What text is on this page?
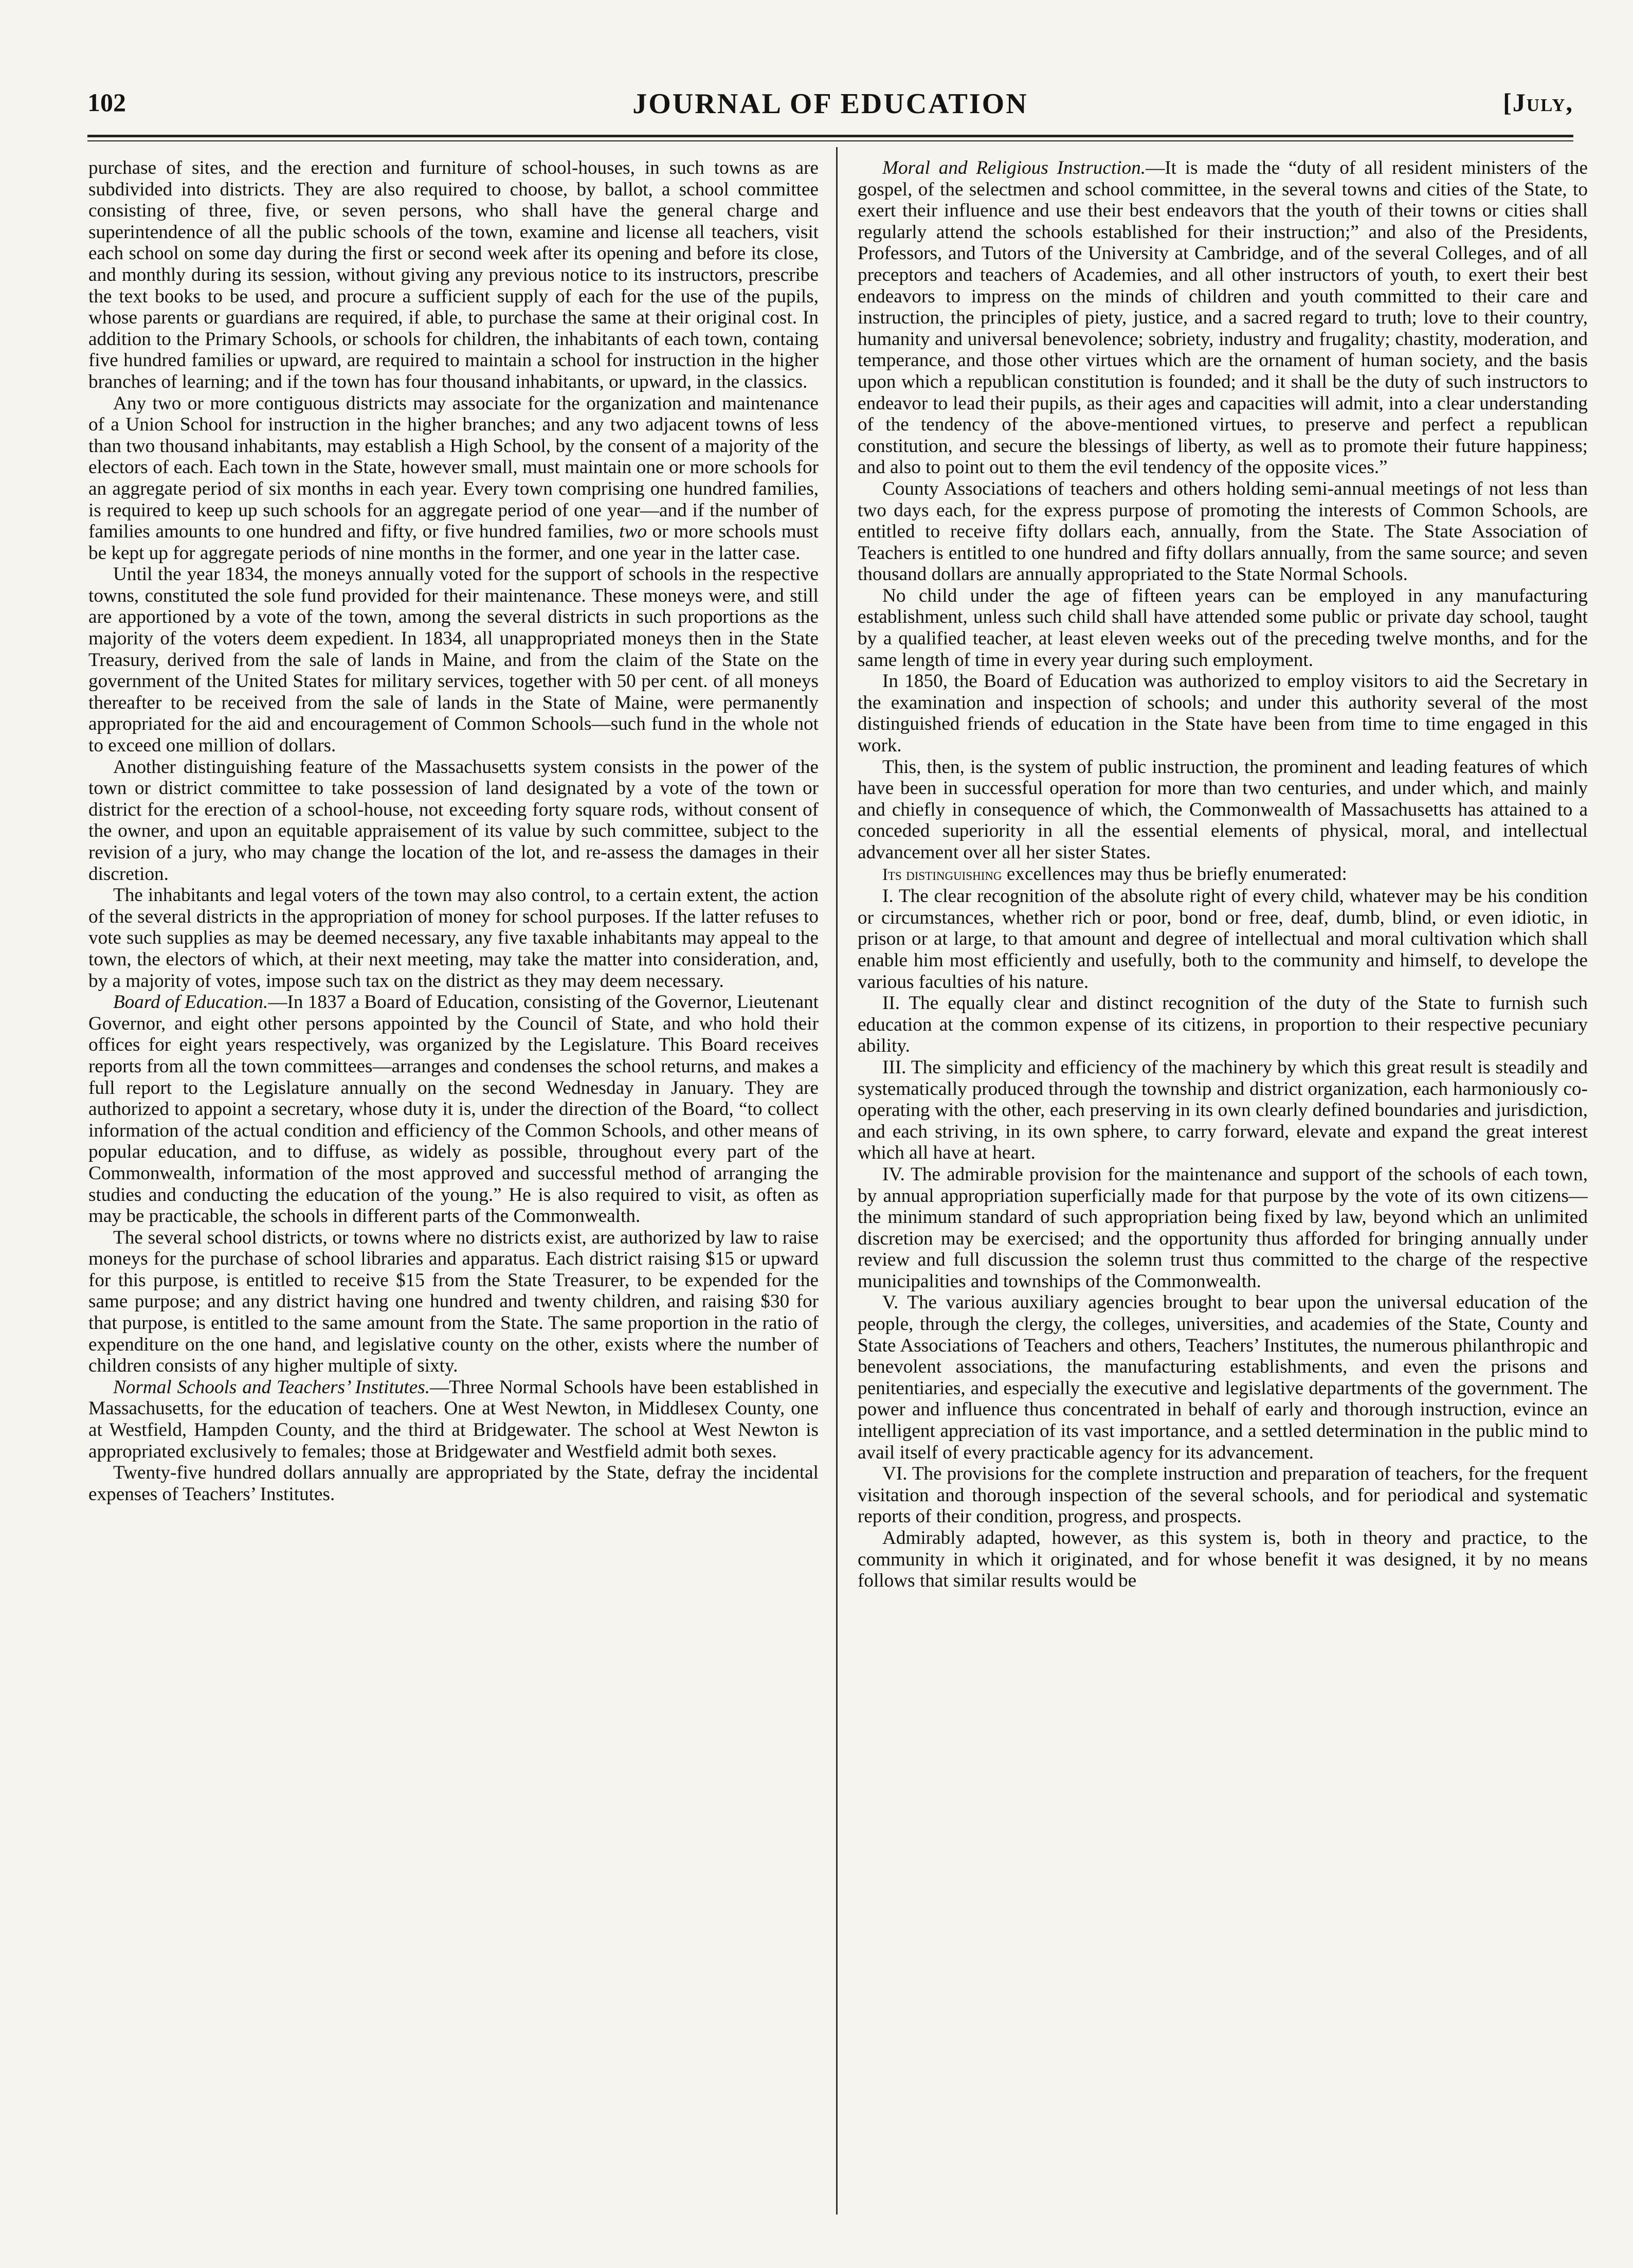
102	JOURNAL OF EDUCATION	[July,

purchase of sites, and the erection and furniture of school-houses, in such towns as are subdivided into districts. They are also required to choose, by ballot, a school committee consisting of three, five, or seven persons, who shall have the general charge and superintendence of all the public schools of the town, examine and license all teachers, visit each school on some day during the first or second week after its opening and before its close, and monthly during its session, without giving any previous notice to its instructors, prescribe the text books to be used, and procure a sufficient supply of each for the use of the pupils, whose parents or guardians are required, if able, to purchase the same at their original cost. In addition to the Primary Schools, or schools for children, the inhabitants of each town, containg five hundred families or upward, are required to maintain a school for instruction in the higher branches of learning; and if the town has four thousand inhabitants, or upward, in the classics.

Any two or more contiguous districts may associate for the organization and maintenance of a Union School for instruction in the higher branches; and any two adjacent towns of less than two thousand inhabitants, may establish a High School, by the consent of a majority of the electors of each. Each town in the State, however small, must maintain one or more schools for an aggregate period of six months in each year. Every town comprising one hundred families, is required to keep up such schools for an aggregate period of one year—and if the number of families amounts to one hundred and fifty, or five hundred families, two or more schools must be kept up for aggregate periods of nine months in the former, and one year in the latter case.

Until the year 1834, the moneys annually voted for the support of schools in the respective towns, constituted the sole fund provided for their maintenance. These moneys were, and still are apportioned by a vote of the town, among the several districts in such proportions as the majority of the voters deem expedient. In 1834, all unappropriated moneys then in the State Treasury, derived from the sale of lands in Maine, and from the claim of the State on the government of the United States for military services, together with 50 per cent. of all moneys thereafter to be received from the sale of lands in the State of Maine, were permanently appropriated for the aid and encouragement of Common Schools—such fund in the whole not to exceed one million of dollars.

Another distinguishing feature of the Massachusetts system consists in the power of the town or district committee to take possession of land designated by a vote of the town or district for the erection of a school-house, not exceeding forty square rods, without consent of the owner, and upon an equitable appraisement of its value by such committee, subject to the revision of a jury, who may change the location of the lot, and re-assess the damages in their discretion.

The inhabitants and legal voters of the town may also control, to a certain extent, the action of the several districts in the appropriation of money for school purposes. If the latter refuses to vote such supplies as may be deemed necessary, any five taxable inhabitants may appeal to the town, the electors of which, at their next meeting, may take the matter into consideration, and, by a majority of votes, impose such tax on the district as they may deem necessary.

Board of Education.—In 1837 a Board of Education, consisting of the Governor, Lieutenant Governor, and eight other persons appointed by the Council of State, and who hold their offices for eight years respectively, was organized by the Legislature. This Board receives reports from all the town committees—arranges and condenses the school returns, and makes a full report to the Legislature annually on the second Wednesday in January. They are authorized to appoint a secretary, whose duty it is, under the direction of the Board, “to collect information of the actual condition and efficiency of the Common Schools, and other means of popular education, and to diffuse, as widely as possible, throughout every part of the Commonwealth, information of the most approved and successful method of arranging the studies and conducting the education of the young.” He is also required to visit, as often as may be practicable, the schools in different parts of the Commonwealth.

The several school districts, or towns where no districts exist, are authorized by law to raise moneys for the purchase of school libraries and apparatus. Each district raising $15 or upward for this purpose, is entitled to receive $15 from the State Treasurer, to be expended for the same purpose; and any district having one hundred and twenty children, and raising $30 for that purpose, is entitled to the same amount from the State. The same proportion in the ratio of expenditure on the one hand, and legislative county on the other, exists where the number of children consists of any higher multiple of sixty.

Normal Schools and Teachers’ Institutes.—Three Normal Schools have been established in Massachusetts, for the education of teachers. One at West Newton, in Middlesex County, one at Westfield, Hampden County, and the third at Bridgewater. The school at West Newton is appropriated exclusively to females; those at Bridgewater and Westfield admit both sexes.

Twenty-five hundred dollars annually are appropriated by the State, defray the incidental expenses of Teachers’ Institutes.

Moral and Religious Instruction.—It is made the “duty of all resident ministers of the gospel, of the selectmen and school committee, in the several towns and cities of the State, to exert their influence and use their best endeavors that the youth of their towns or cities shall regularly attend the schools established for their instruction;” and also of the Presidents, Professors, and Tutors of the University at Cambridge, and of the several Colleges, and of all preceptors and teachers of Academies, and all other instructors of youth, to exert their best endeavors to impress on the minds of children and youth committed to their care and instruction, the principles of piety, justice, and a sacred regard to truth; love to their country, humanity and universal benevolence; sobriety, industry and frugality; chastity, moderation, and temperance, and those other virtues which are the ornament of human society, and the basis upon which a republican constitution is founded; and it shall be the duty of such instructors to endeavor to lead their pupils, as their ages and capacities will admit, into a clear understanding of the tendency of the above-mentioned virtues, to preserve and perfect a republican constitution, and secure the blessings of liberty, as well as to promote their future happiness; and also to point out to them the evil tendency of the opposite vices.”

County Associations of teachers and others holding semi-annual meetings of not less than two days each, for the express purpose of promoting the interests of Common Schools, are entitled to receive fifty dollars each, annually, from the State. The State Association of Teachers is entitled to one hundred and fifty dollars annually, from the same source; and seven thousand dollars are annually appropriated to the State Normal Schools.

No child under the age of fifteen years can be employed in any manufacturing establishment, unless such child shall have attended some public or private day school, taught by a qualified teacher, at least eleven weeks out of the preceding twelve months, and for the same length of time in every year during such employment.

In 1850, the Board of Education was authorized to employ visitors to aid the Secretary in the examination and inspection of schools; and under this authority several of the most distinguished friends of education in the State have been from time to time engaged in this work.

This, then, is the system of public instruction, the prominent and leading features of which have been in successful operation for more than two centuries, and under which, and mainly and chiefly in consequence of which, the Commonwealth of Massachusetts has attained to a conceded superiority in all the essential elements of physical, moral, and intellectual advancement over all her sister States.

Its distinguishing excellences may thus be briefly enumerated:

I. The clear recognition of the absolute right of every child, whatever may be his condition or circumstances, whether rich or poor, bond or free, deaf, dumb, blind, or even idiotic, in prison or at large, to that amount and degree of intellectual and moral cultivation which shall enable him most efficiently and usefully, both to the community and himself, to develope the various faculties of his nature.

II. The equally clear and distinct recognition of the duty of the State to furnish such education at the common expense of its citizens, in proportion to their respective pecuniary ability.

III. The simplicity and efficiency of the machinery by which this great result is steadily and systematically produced through the township and district organization, each harmoniously co-operating with the other, each preserving in its own clearly defined boundaries and jurisdiction, and each striving, in its own sphere, to carry forward, elevate and expand the great interest which all have at heart.

IV. The admirable provision for the maintenance and support of the schools of each town, by annual appropriation superficially made for that purpose by the vote of its own citizens—the minimum standard of such appropriation being fixed by law, beyond which an unlimited discretion may be exercised; and the opportunity thus afforded for bringing annually under review and full discussion the solemn trust thus committed to the charge of the respective municipalities and townships of the Commonwealth.

V. The various auxiliary agencies brought to bear upon the universal education of the people, through the clergy, the colleges, universities, and academies of the State, County and State Associations of Teachers and others, Teachers’ Institutes, the numerous philanthropic and benevolent associations, the manufacturing establishments, and even the prisons and penitentiaries, and especially the executive and legislative departments of the government. The power and influence thus concentrated in behalf of early and thorough instruction, evince an intelligent appreciation of its vast importance, and a settled determination in the public mind to avail itself of every practicable agency for its advancement.

VI. The provisions for the complete instruction and preparation of teachers, for the frequent visitation and thorough inspection of the several schools, and for periodical and systematic reports of their condition, progress, and prospects.

Admirably adapted, however, as this system is, both in theory and practice, to the community in which it originated, and for whose benefit it was designed, it by no means follows that similar results would be
